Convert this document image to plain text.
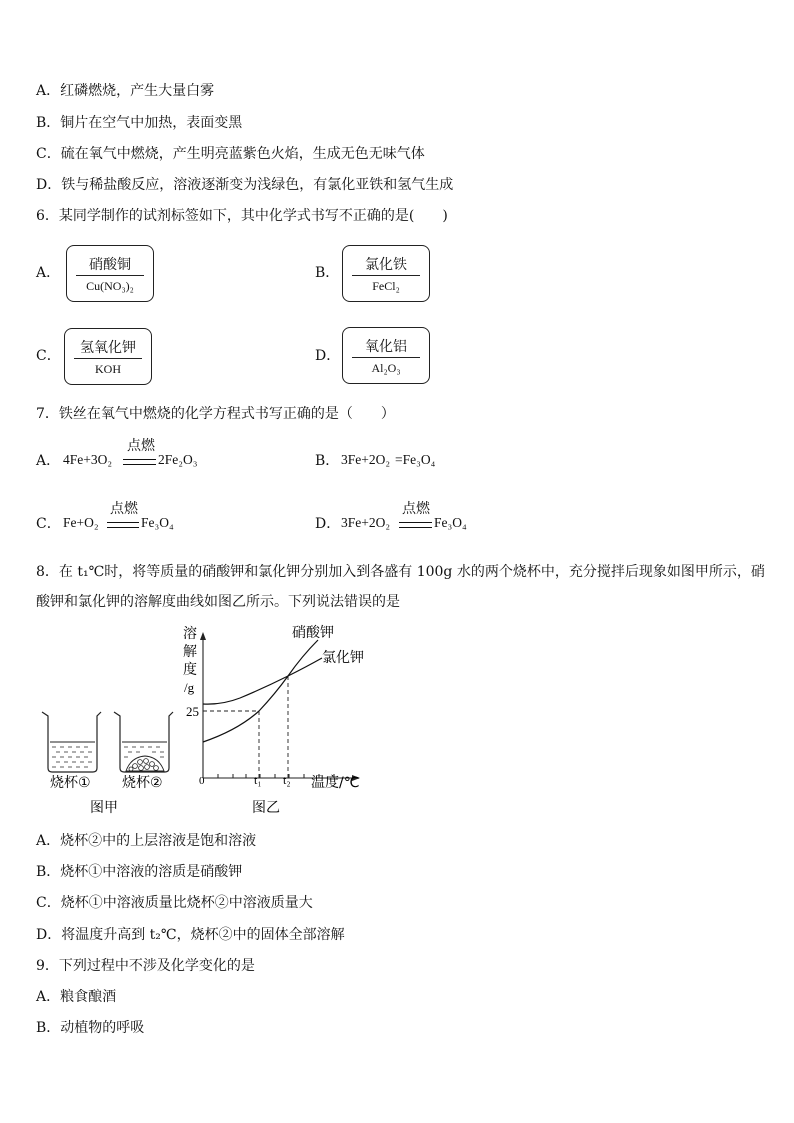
A．红磷燃烧，产生大量白雾
B．铜片在空气中加热，表面变黑
C．硫在氧气中燃烧，产生明亮蓝紫色火焰，生成无色无味气体
D．铁与稀盐酸反应，溶液逐渐变为浅绿色，有氯化亚铁和氢气生成
6．某同学制作的试剂标签如下，其中化学式书写不正确的是(　　)
A．	硝酸铜
Cu(NO₃)₂
B．	氯化铁
FeCl₂
C．	氢氧化钾
KOH
D．
氧化铝
Al₂O₃
7．铁丝在氧气中燃烧的化学方程式书写正确的是（　　）
A． 4Fe+3O₂
点燃
2Fe₂O₃	B． 3Fe+2O₂ =Fe₃O₄
C． Fe+O₂
点燃
Fe₃O₄	D． 3Fe+2O₂
点燃
Fe₃O₄
8．在 t₁℃时，将等质量的硝酸钾和氯化钾分别加入到各盛有 100g 水的两个烧杯中，充分搅拌后现象如图甲所示，硝
酸钾和氯化钾的溶解度曲线如图乙所示。下列说法错误的是
烧杯① 烧杯②
图甲
溶
解
度
/g
25
0	t₁ t₂ 温度/℃
硝酸钾
氯化钾
图乙
A．烧杯②中的上层溶液是饱和溶液
B．烧杯①中溶液的溶质是硝酸钾
C．烧杯①中溶液质量比烧杯②中溶液质量大
D．将温度升高到 t₂℃，烧杯②中的固体全部溶解
9．下列过程中不涉及化学变化的是
A．粮食酿酒
B．动植物的呼吸
